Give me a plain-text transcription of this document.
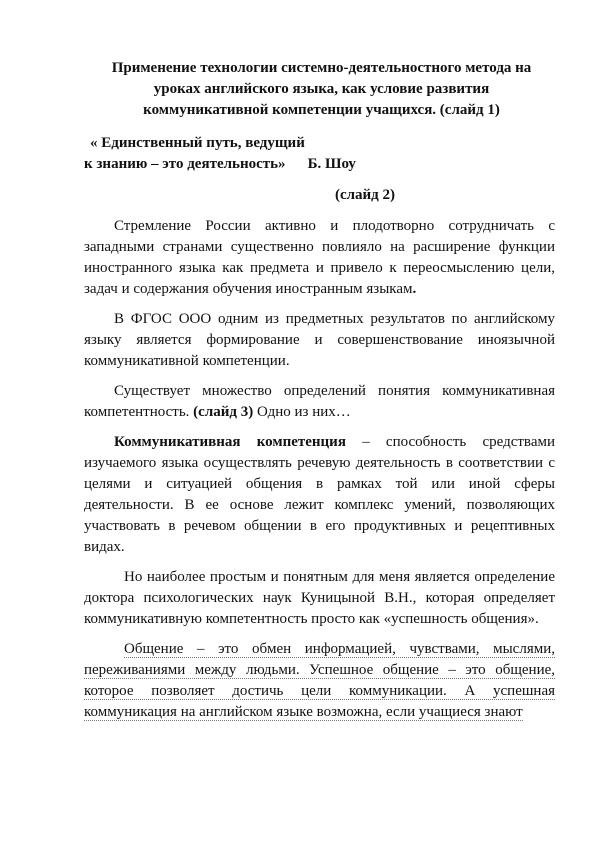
Применение технологии системно-деятельностного метода на
уроках английского языка, как условие развития
коммуникативной компетенции учащихся. (слайд 1)
« Единственный путь, ведущий
к знанию – это деятельность» Б. Шоу
(слайд 2)

Стремление России активно и плодотворно сотрудничать с западными странами существенно повлияло на расширение функции иностранного языка как предмета и привело к переосмыслению цели, задач и содержания обучения иностранным языкам.

В ФГОС ООО одним из предметных результатов по английскому языку является формирование и совершенствование иноязычной коммуникативной компетенции.

Существует множество определений понятия коммуникативная компетентность. (слайд 3) Одно из них…

Коммуникативная компетенция – способность средствами изучаемого языка осуществлять речевую деятельность в соответствии с целями и ситуацией общения в рамках той или иной сферы деятельности. В ее основе лежит комплекс умений, позволяющих участвовать в речевом общении в его продуктивных и рецептивных видах.

Но наиболее простым и понятным для меня является определение доктора психологических наук Куницыной В.Н., которая определяет коммуникативную компетентность просто как «успешность общения».

Общение – это обмен информацией, чувствами, мыслями, переживаниями между людьми. Успешное общение – это общение, которое позволяет достичь цели коммуникации. А успешная коммуникация на английском языке возможна, если учащиеся знают
